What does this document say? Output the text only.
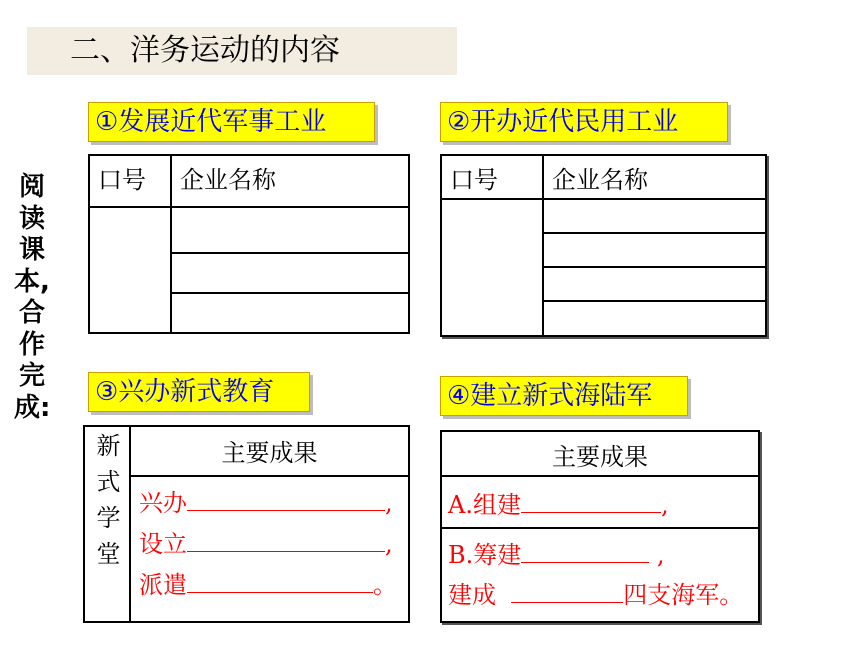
二、洋务运动的内容
阅
读
课
本,
合
作
完
成:
①发展近代军事工业
口号	企业名称

②开办近代民用工业
口号	企业名称

③兴办新式教育
新式学堂	主要成果

兴办	,
设立	,
派遣	。
④建立新式海陆军
主要成果

A.组建	,

B.筹建	,
建成	四支海军。
